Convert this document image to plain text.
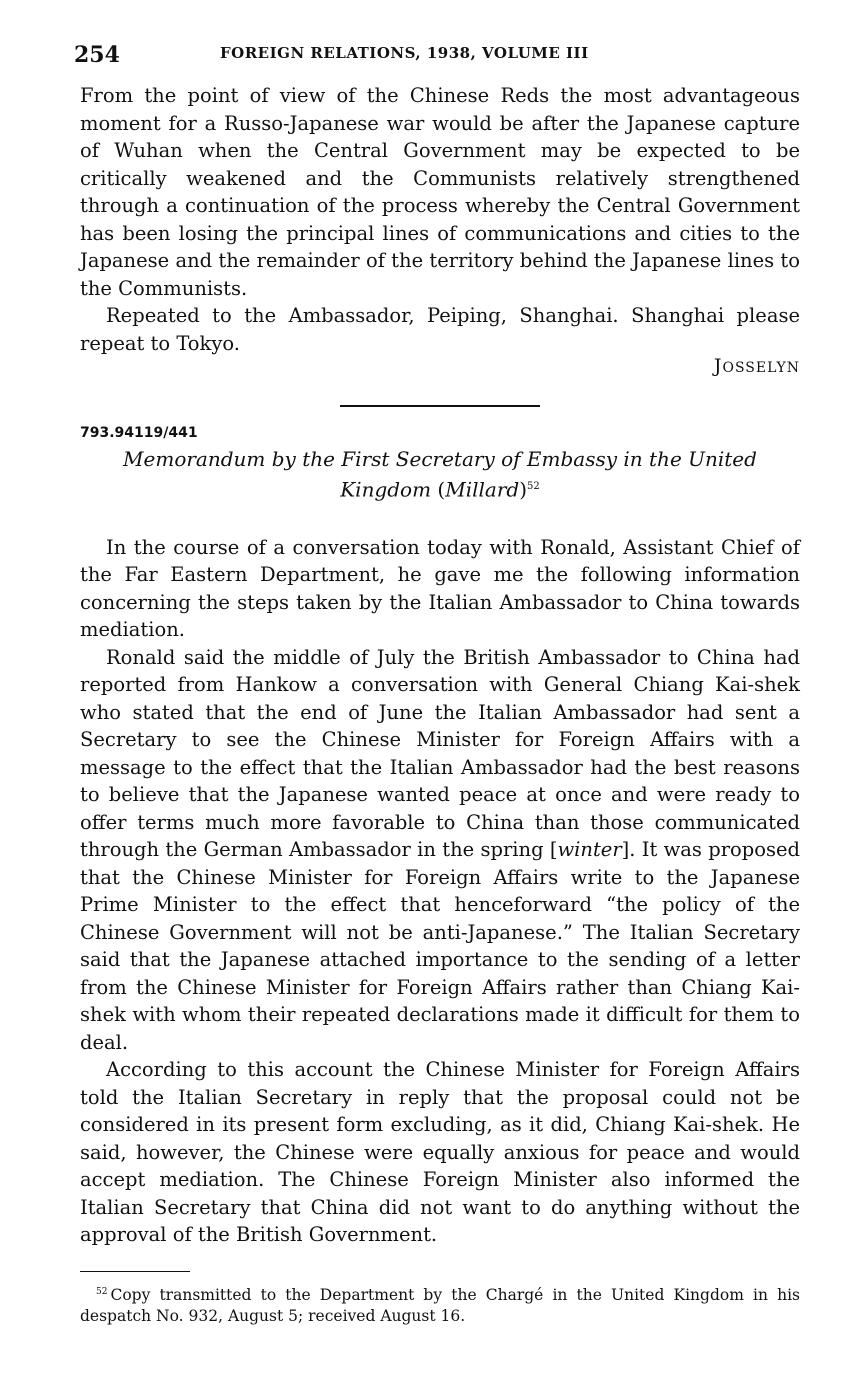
254	FOREIGN RELATIONS, 1938, VOLUME III

From the point of view of the Chinese Reds the most advantageous moment for a Russo-Japanese war would be after the Japanese capture of Wuhan when the Central Government may be expected to be critically weakened and the Communists relatively strengthened through a continuation of the process whereby the Central Government has been losing the principal lines of communications and cities to the Japanese and the remainder of the territory behind the Japanese lines to the Communists.

Repeated to the Ambassador, Peiping, Shanghai. Shanghai please repeat to Tokyo.

JOSSELYN
793.94119/441
Memorandum by the First Secretary of Embassy in the United Kingdom (Millard)$^{52}$

In the course of a conversation today with Ronald, Assistant Chief of the Far Eastern Department, he gave me the following information concerning the steps taken by the Italian Ambassador to China towards mediation.

Ronald said the middle of July the British Ambassador to China had reported from Hankow a conversation with General Chiang Kai-shek who stated that the end of June the Italian Ambassador had sent a Secretary to see the Chinese Minister for Foreign Affairs with a message to the effect that the Italian Ambassador had the best reasons to believe that the Japanese wanted peace at once and were ready to offer terms much more favorable to China than those communicated through the German Ambassador in the spring [winter]. It was proposed that the Chinese Minister for Foreign Affairs write to the Japanese Prime Minister to the effect that henceforward “the policy of the Chinese Government will not be anti-Japanese.” The Italian Secretary said that the Japanese attached importance to the sending of a letter from the Chinese Minister for Foreign Affairs rather than Chiang Kai-shek with whom their repeated declarations made it difficult for them to deal.

According to this account the Chinese Minister for Foreign Affairs told the Italian Secretary in reply that the proposal could not be considered in its present form excluding, as it did, Chiang Kai-shek. He said, however, the Chinese were equally anxious for peace and would accept mediation. The Chinese Foreign Minister also informed the Italian Secretary that China did not want to do anything without the approval of the British Government.

$^{52}$ Copy transmitted to the Department by the Chargé in the United Kingdom in his despatch No. 932, August 5; received August 16.
